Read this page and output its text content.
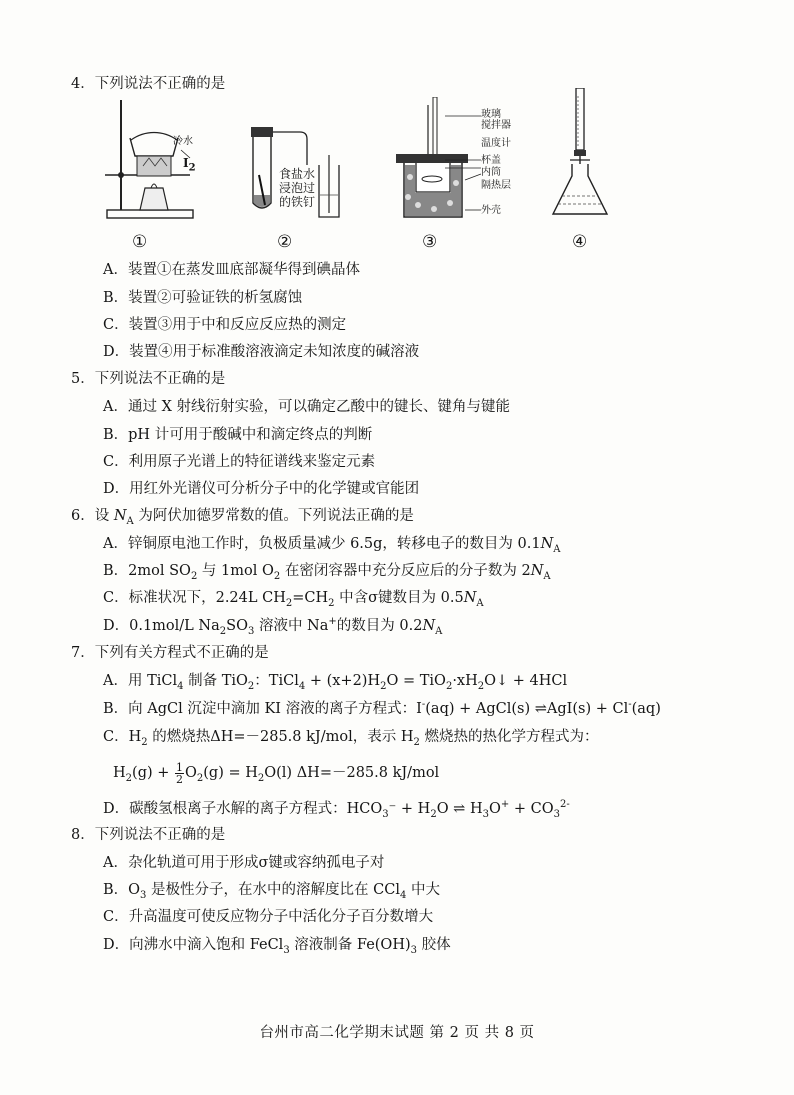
4．下列说法不正确的是
冷水
$I_2$	食盐水
浸泡过
的铁钉
玻璃
搅拌器
温度计
杯盖
内筒
隔热层
外壳
①	②	③	④
A．装置①在蒸发皿底部凝华得到碘晶体
B．装置②可验证铁的析氢腐蚀
C．装置③用于中和反应反应热的测定
D．装置④用于标准酸溶液滴定未知浓度的碱溶液
5．下列说法不正确的是
A．通过 X 射线衍射实验，可以确定乙酸中的键长、键角与键能
B．pH 计可用于酸碱中和滴定终点的判断
C．利用原子光谱上的特征谱线来鉴定元素
D．用红外光谱仪可分析分子中的化学键或官能团
6．设 $N_A$ 为阿伏加德罗常数的值。下列说法正确的是
A．锌铜原电池工作时，负极质量减少 6.5g，转移电子的数目为 $0.1N_A$
B．2mol $SO_2$ 与 1mol $O_2$ 在密闭容器中充分反应后的分子数为 $2N_A$
C．标准状况下，2.24L $CH_2=CH_2$ 中含σ键数目为 $0.5N_A$
D．0.1mol/L $Na_2SO_3$ 溶液中 Na+的数目为 $0.2N_A$
7．下列有关方程式不正确的是
A．用 TiCl$_4$ 制备 TiO$_2$：TiCl$_4$ + $(x+2)H_2O$ = $TiO_2\cdot xH_2O↓ + 4HCl$
B．向 AgCl 沉淀中滴加 KI 溶液的离子方程式：I-(aq) + AgCl(s) ⇌AgI(s) + Cl-(aq)
C．$H_2$ 的燃烧热ΔH=－285.8 kJ/mol，表示 $H_2$ 燃烧热的热化学方程式为：
$H_2(g) + \frac{1}{2} O_2(g) = H_2O(l)$ ΔH=－285.8 kJ/mol
D．碳酸氢根离子水解的离子方程式：$HCO_3^- + H_2O$ ⇌ $H_3O^+ + CO_3^{2-}$
8．下列说法不正确的是
A．杂化轨道可用于形成σ键或容纳孤电子对
B．$O_3$ 是极性分子，在水中的溶解度比在 CCl$_4$ 中大
C．升高温度可使反应物分子中活化分子百分数增大
D．向沸水中滴入饱和 FeCl$_3$ 溶液制备 $Fe(OH)_3$ 胶体
台州市高二化学期末试题 第 2 页 共 8 页
